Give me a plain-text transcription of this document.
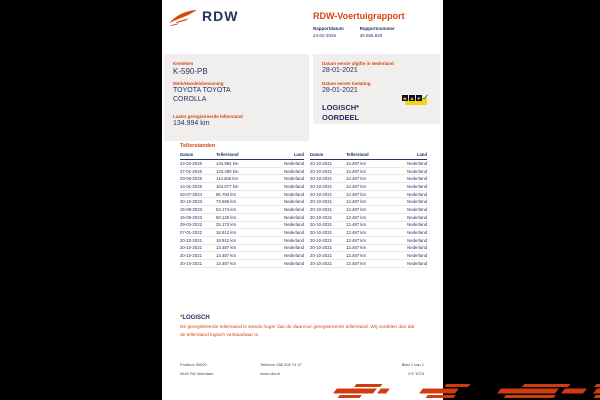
RDW	RDW-Voertuigrapport
Rapportdatum
24-02-2026
Rapportnummer
30.666.825

Kenteken

K-590-PB

Merk/Handelsbenaming

TOYOTA TOYOTA
COROLLA

Laatst geregistreerde tellerstand

134.994 km

Datum eerste afgifte in Nederland

28-01-2021

Datum eerste toelating

28-01-2021

LOGISCH*
OORDEEL
N	A	P ✓
Tellerstanden
Datum	Tellerstand	Land
24-02-2026	134.994 km	Nederland
27-01-2026	123.480 km	Nederland
03-06-2025	114.266 km	Nederland
14-01-2025	104.077 km	Nederland
03-07-2024	86.793 km	Nederland
20-10-2023	73.686 km	Nederland
15-08-2023	63.174 km	Nederland
16-05-2023	60.126 km	Nederland
29-03-2022	25.173 km	Nederland
07-01-2022	18.912 km	Nederland
20-12-2021	18.912 km	Nederland
20-10-2021	13.487 km	Nederland
20-10-2021	13.487 km	Nederland
20-10-2021	13.487 km	Nederland
Datum	Tellerstand	Land
20-10-2021	13.487 km	Nederland
20-10-2021	13.487 km	Nederland
20-10-2021	13.487 km	Nederland
20-10-2021	13.487 km	Nederland
20-10-2021	13.487 km	Nederland
20-10-2021	13.487 km	Nederland
20-10-2021	13.487 km	Nederland
20-10-2021	13.487 km	Nederland
20-10-2021	13.487 km	Nederland
20-10-2021	13.487 km	Nederland
20-10-2021	13.487 km	Nederland
20-10-2021	13.487 km	Nederland
20-10-2021	13.487 km	Nederland
20-10-2021	13.487 km	Nederland

*LOGISCH

De geregistreerde tellerstand is steeds hoger dan de daarvoor geregistreerde tellerstand. Wij oordelen dan dat de tellerstand logisch verklaarbaar is.

Postbus 30000
9640 RA Veendam
Telefoon 088 008 74 47
www.rdw.nl
Blad 1 van 1
3 E 1076
